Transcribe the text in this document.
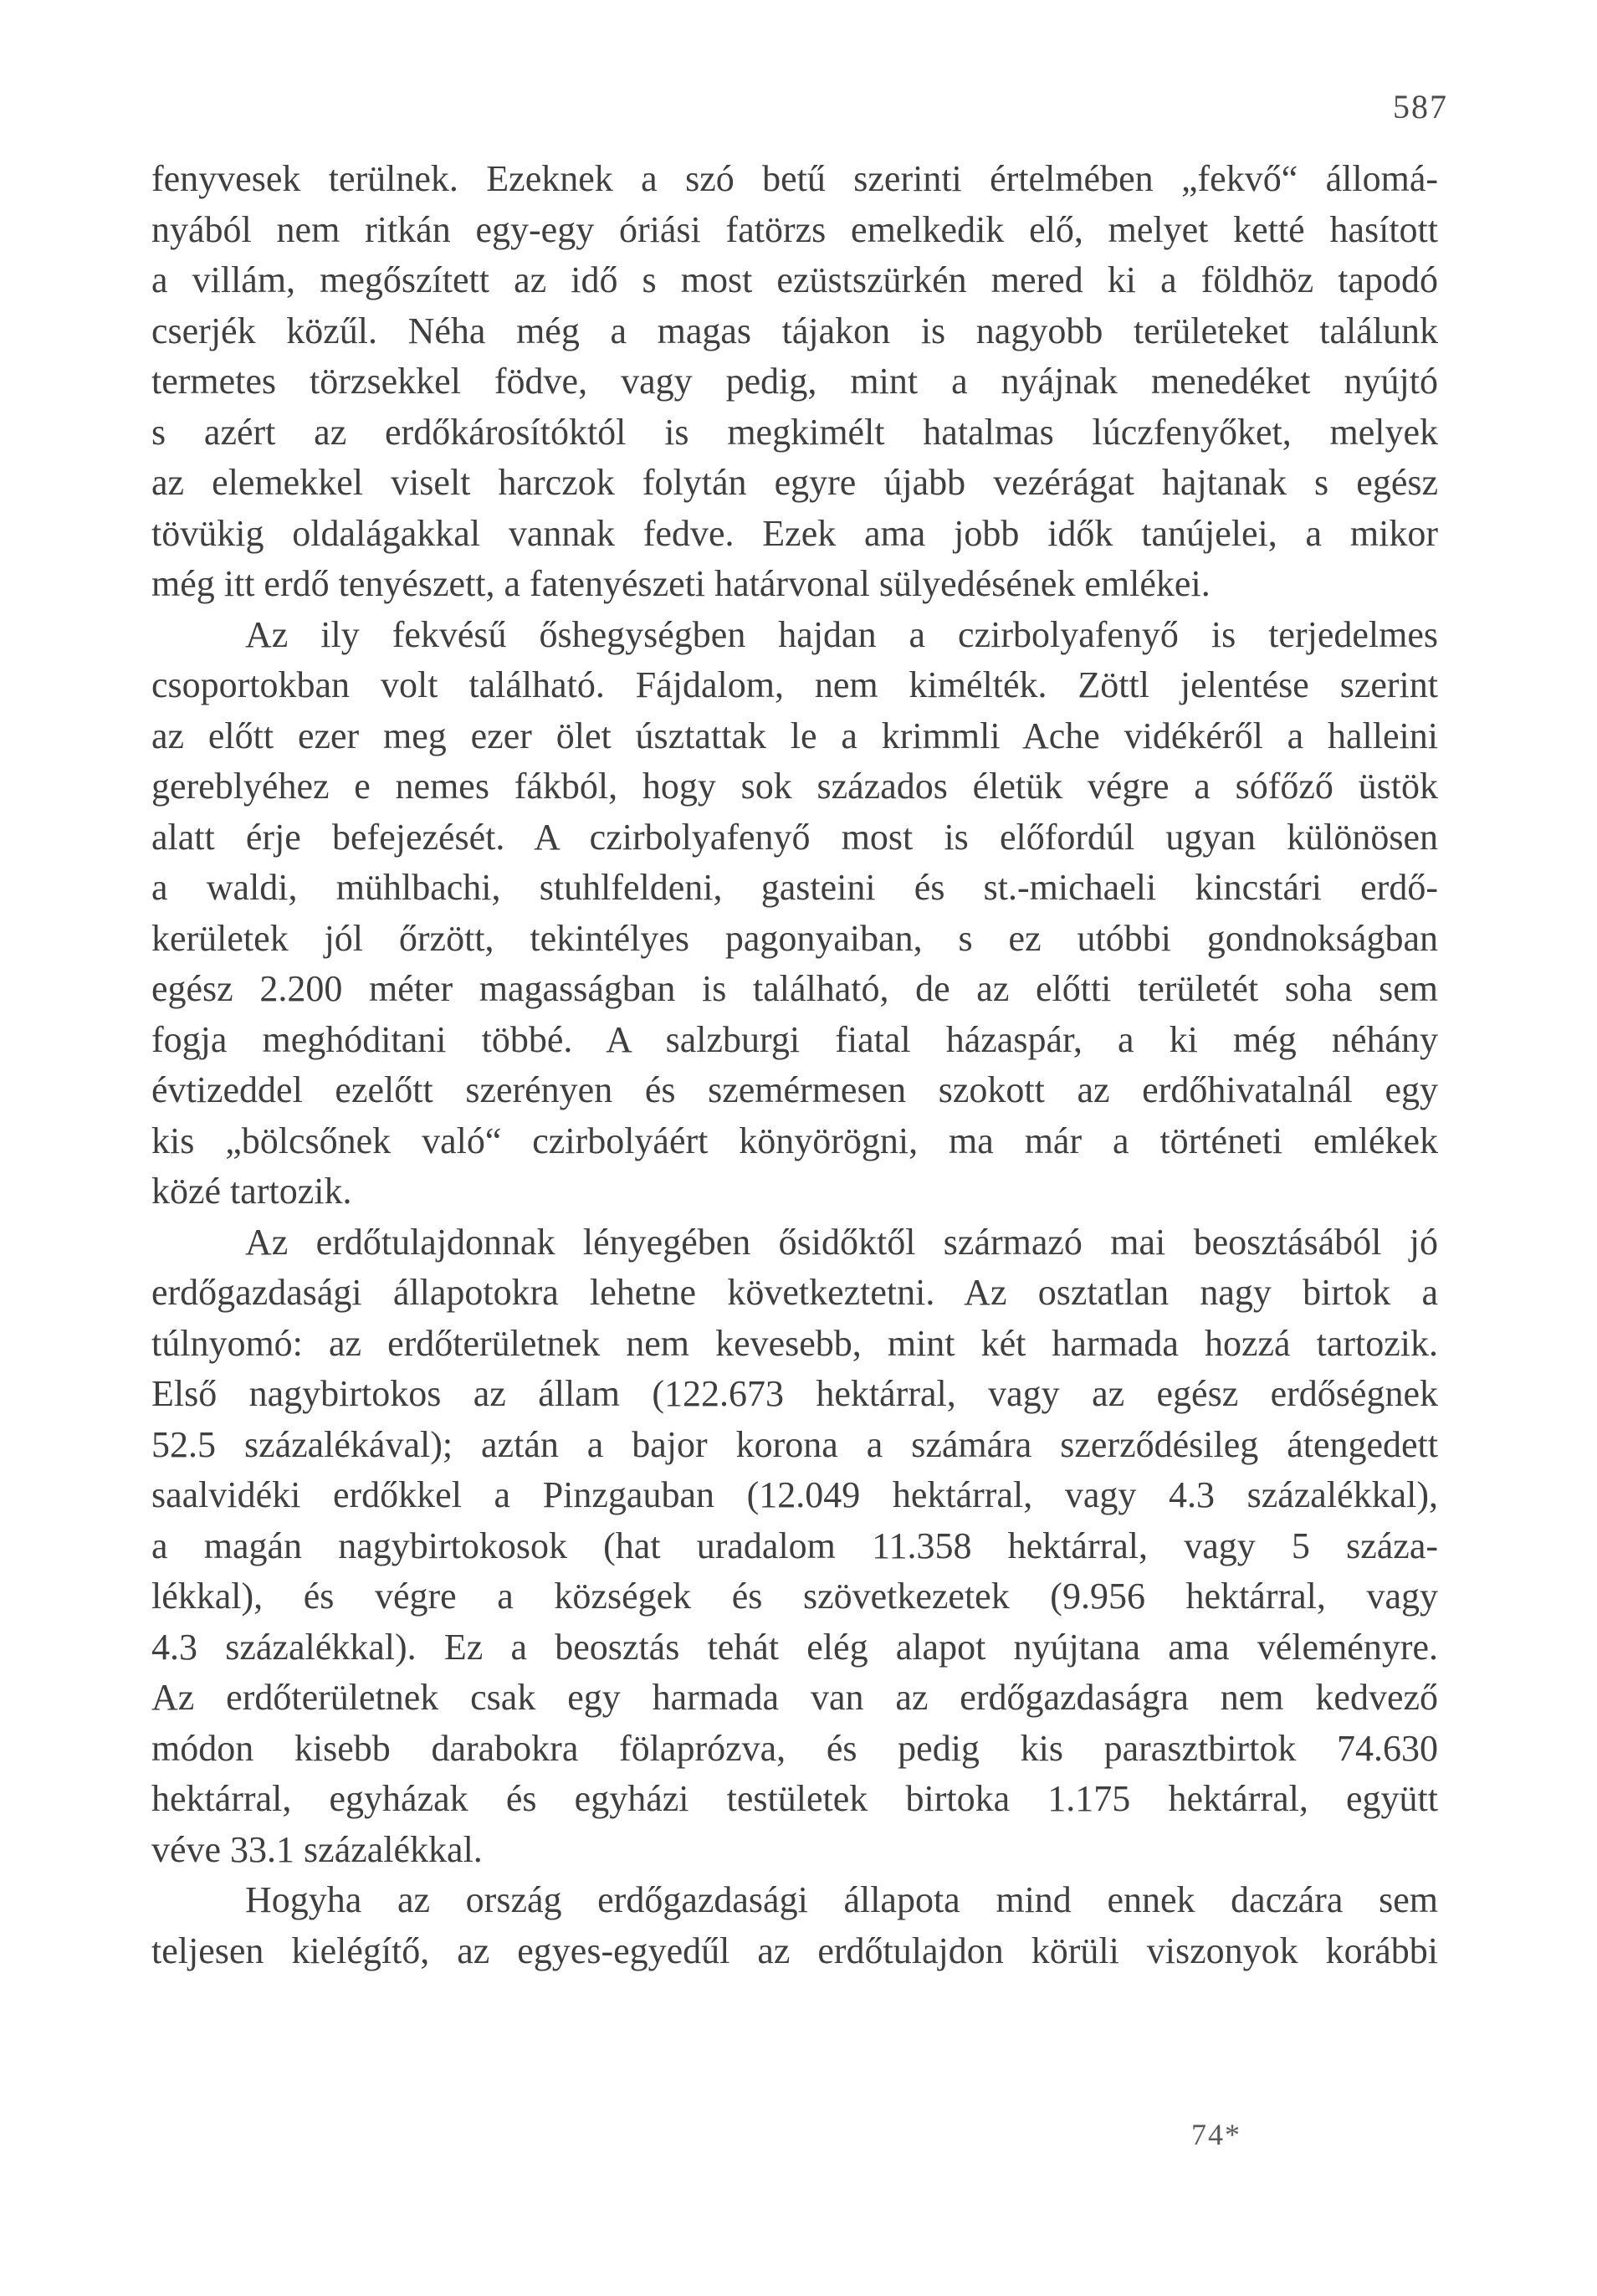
587
fenyvesek terülnek. Ezeknek a szó betű szerinti értelmében „fekvő“ állomá-
nyából nem ritkán egy-egy óriási fatörzs emelkedik elő, melyet ketté hasított
a villám, megőszített az idő s most ezüstszürkén mered ki a földhöz tapodó
cserjék közűl. Néha még a magas tájakon is nagyobb területeket találunk
termetes törzsekkel födve, vagy pedig, mint a nyájnak menedéket nyújtó
s azért az erdőkárosítóktól is megkimélt hatalmas lúczfenyőket, melyek
az elemekkel viselt harczok folytán egyre újabb vezérágat hajtanak s egész
tövükig oldalágakkal vannak fedve. Ezek ama jobb idők tanújelei, a mikor
még itt erdő tenyészett, a fatenyészeti határvonal sülyedésének emlékei.
Az ily fekvésű őshegységben hajdan a czirbolyafenyő is terjedelmes
csoportokban volt található. Fájdalom, nem kimélték. Zöttl jelentése szerint
az előtt ezer meg ezer ölet úsztattak le a krimmli Ache vidékéről a halleini
gereblyéhez e nemes fákból, hogy sok százados életük végre a sófőző üstök
alatt érje befejezését. A czirbolyafenyő most is előfordúl ugyan különösen
a waldi, mühlbachi, stuhlfeldeni, gasteini és st.-michaeli kincstári erdő-
kerületek jól őrzött, tekintélyes pagonyaiban, s ez utóbbi gondnokságban
egész 2.200 méter magasságban is található, de az előtti területét soha sem
fogja meghóditani többé. A salzburgi fiatal házaspár, a ki még néhány
évtizeddel ezelőtt szerényen és szemérmesen szokott az erdőhivatalnál egy
kis „bölcsőnek való“ czirbolyáért könyörögni, ma már a történeti emlékek
közé tartozik.
Az erdőtulajdonnak lényegében ősidőktől származó mai beosztásából jó
erdőgazdasági állapotokra lehetne következtetni. Az osztatlan nagy birtok a
túlnyomó: az erdőterületnek nem kevesebb, mint két harmada hozzá tartozik.
Első nagybirtokos az állam (122.673 hektárral, vagy az egész erdőségnek
52.5 százalékával); aztán a bajor korona a számára szerződésileg átengedett
saalvidéki erdőkkel a Pinzgauban (12.049 hektárral, vagy 4.3 százalékkal),
a magán nagybirtokosok (hat uradalom 11.358 hektárral, vagy 5 száza-
lékkal), és végre a községek és szövetkezetek (9.956 hektárral, vagy
4.3 százalékkal). Ez a beosztás tehát elég alapot nyújtana ama véleményre.
Az erdőterületnek csak egy harmada van az erdőgazdaságra nem kedvező
módon kisebb darabokra fölaprózva, és pedig kis parasztbirtok 74.630
hektárral, egyházak és egyházi testületek birtoka 1.175 hektárral, együtt
véve 33.1 százalékkal.
Hogyha az ország erdőgazdasági állapota mind ennek daczára sem
teljesen kielégítő, az egyes-egyedűl az erdőtulajdon körüli viszonyok korábbi
74*
